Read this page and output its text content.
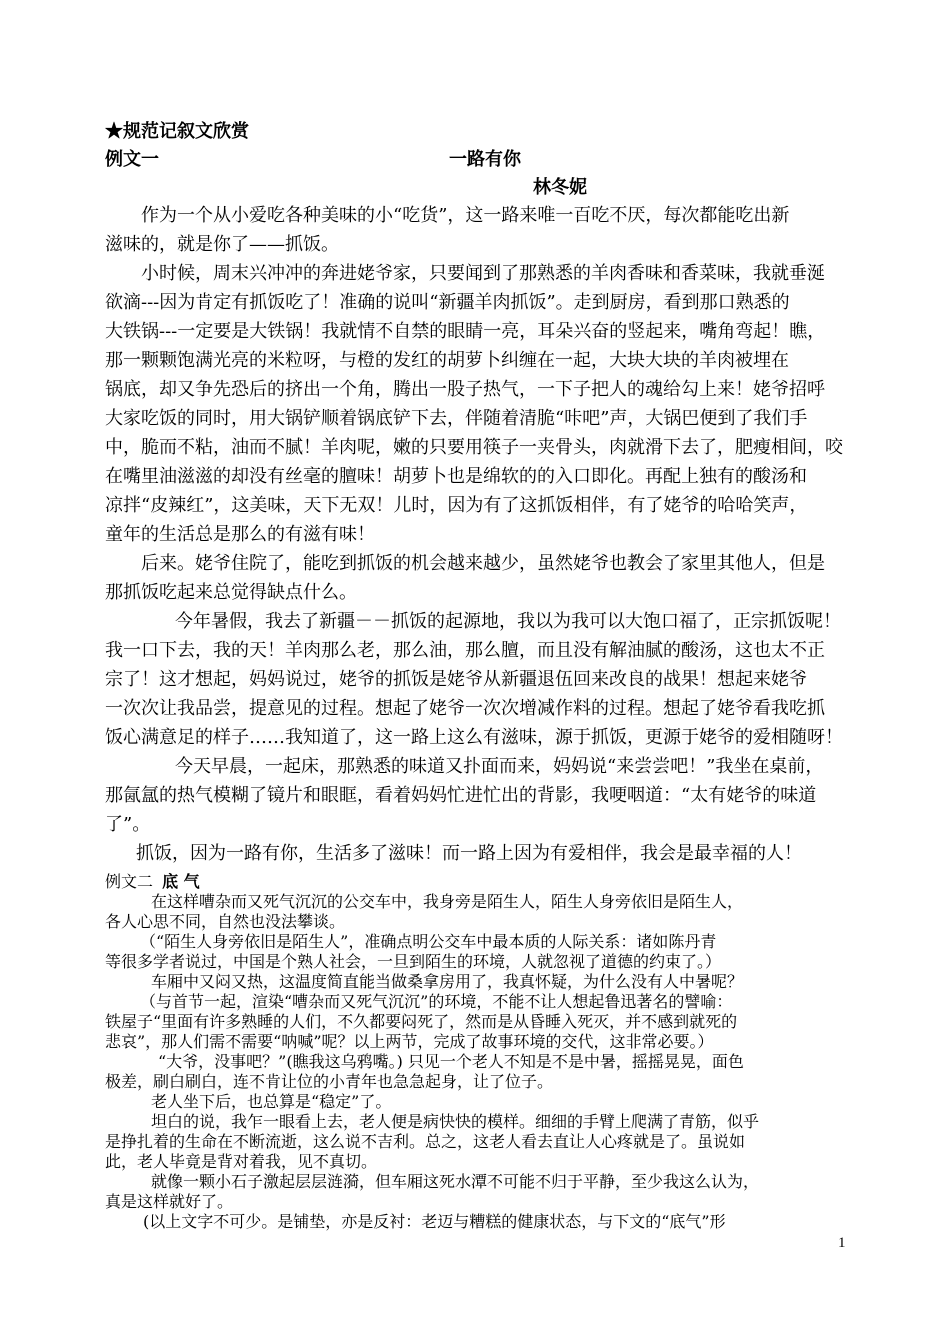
★规范记叙文欣赏
例文一	一路有你
林冬妮
作为一个从小爱吃各种美味的小“吃货”，这一路来唯一百吃不厌，每次都能吃出新
滋味的，就是你了——抓饭。
小时候，周末兴冲冲的奔进姥爷家，只要闻到了那熟悉的羊肉香味和香菜味，我就垂涎
欲滴---因为肯定有抓饭吃了！准确的说叫“新疆羊肉抓饭”。走到厨房，看到那口熟悉的
大铁锅---一定要是大铁锅！我就情不自禁的眼睛一亮，耳朵兴奋的竖起来，嘴角弯起！瞧，
那一颗颗饱满光亮的米粒呀，与橙的发红的胡萝卜纠缠在一起，大块大块的羊肉被埋在
锅底，却又争先恐后的挤出一个角，腾出一股子热气，一下子把人的魂给勾上来！姥爷招呼
大家吃饭的同时，用大锅铲顺着锅底铲下去，伴随着清脆“咔吧”声，大锅巴便到了我们手
中，脆而不粘，油而不腻！羊肉呢，嫩的只要用筷子一夹骨头，肉就滑下去了，肥瘦相间，咬
在嘴里油滋滋的却没有丝毫的膻味！胡萝卜也是绵软的的入口即化。再配上独有的酸汤和
凉拌“皮辣红”，这美味，天下无双！儿时，因为有了这抓饭相伴，有了姥爷的哈哈笑声，
童年的生活总是那么的有滋有味！
后来。姥爷住院了，能吃到抓饭的机会越来越少，虽然姥爷也教会了家里其他人，但是
那抓饭吃起来总觉得缺点什么。
今年暑假，我去了新疆－－抓饭的起源地，我以为我可以大饱口福了，正宗抓饭呢！
我一口下去，我的天！羊肉那么老，那么油，那么膻，而且没有解油腻的酸汤，这也太不正
宗了！这才想起，妈妈说过，姥爷的抓饭是姥爷从新疆退伍回来改良的战果！想起来姥爷
一次次让我品尝，提意见的过程。想起了姥爷一次次增减作料的过程。想起了姥爷看我吃抓
饭心满意足的样子……我知道了，这一路上这么有滋味，源于抓饭，更源于姥爷的爱相随呀！
今天早晨，一起床，那熟悉的味道又扑面而来，妈妈说“来尝尝吧！”我坐在桌前，
那氤氲的热气模糊了镜片和眼眶，看着妈妈忙进忙出的背影，我哽咽道：“太有姥爷的味道
了”。
抓饭，因为一路有你，生活多了滋味！而一路上因为有爱相伴，我会是最幸福的人！
例文二 底 气
在这样嘈杂而又死气沉沉的公交车中，我身旁是陌生人，陌生人身旁依旧是陌生人，
各人心思不同，自然也没法攀谈。
（“陌生人身旁依旧是陌生人”，准确点明公交车中最本质的人际关系：诸如陈丹青
等很多学者说过，中国是个熟人社会，一旦到陌生的环境，人就忽视了道德的约束了。）
车厢中又闷又热，这温度简直能当做桑拿房用了，我真怀疑，为什么没有人中暑呢？
（与首节一起，渲染“嘈杂而又死气沉沉”的环境，不能不让人想起鲁迅著名的譬喻：
铁屋子“里面有许多熟睡的人们，不久都要闷死了，然而是从昏睡入死灭，并不感到就死的
悲哀”，那人们需不需要“呐喊”呢？以上两节，完成了故事环境的交代，这非常必要。）
“大爷，没事吧？”(瞧我这乌鸦嘴。) 只见一个老人不知是不是中暑，摇摇晃晃，面色
极差，刷白刷白，连不肯让位的小青年也急急起身，让了位子。
老人坐下后，也总算是“稳定”了。
坦白的说，我乍一眼看上去，老人便是病快快的模样。细细的手臂上爬满了青筋，似乎
是挣扎着的生命在不断流逝，这么说不吉利。总之，这老人看去直让人心疼就是了。虽说如
此，老人毕竟是背对着我，见不真切。
就像一颗小石子激起层层涟漪，但车厢这死水潭不可能不归于平静，至少我这么认为，
真是这样就好了。
(以上文字不可少。是铺垫，亦是反衬：老迈与糟糕的健康状态，与下文的“底气”形
1
